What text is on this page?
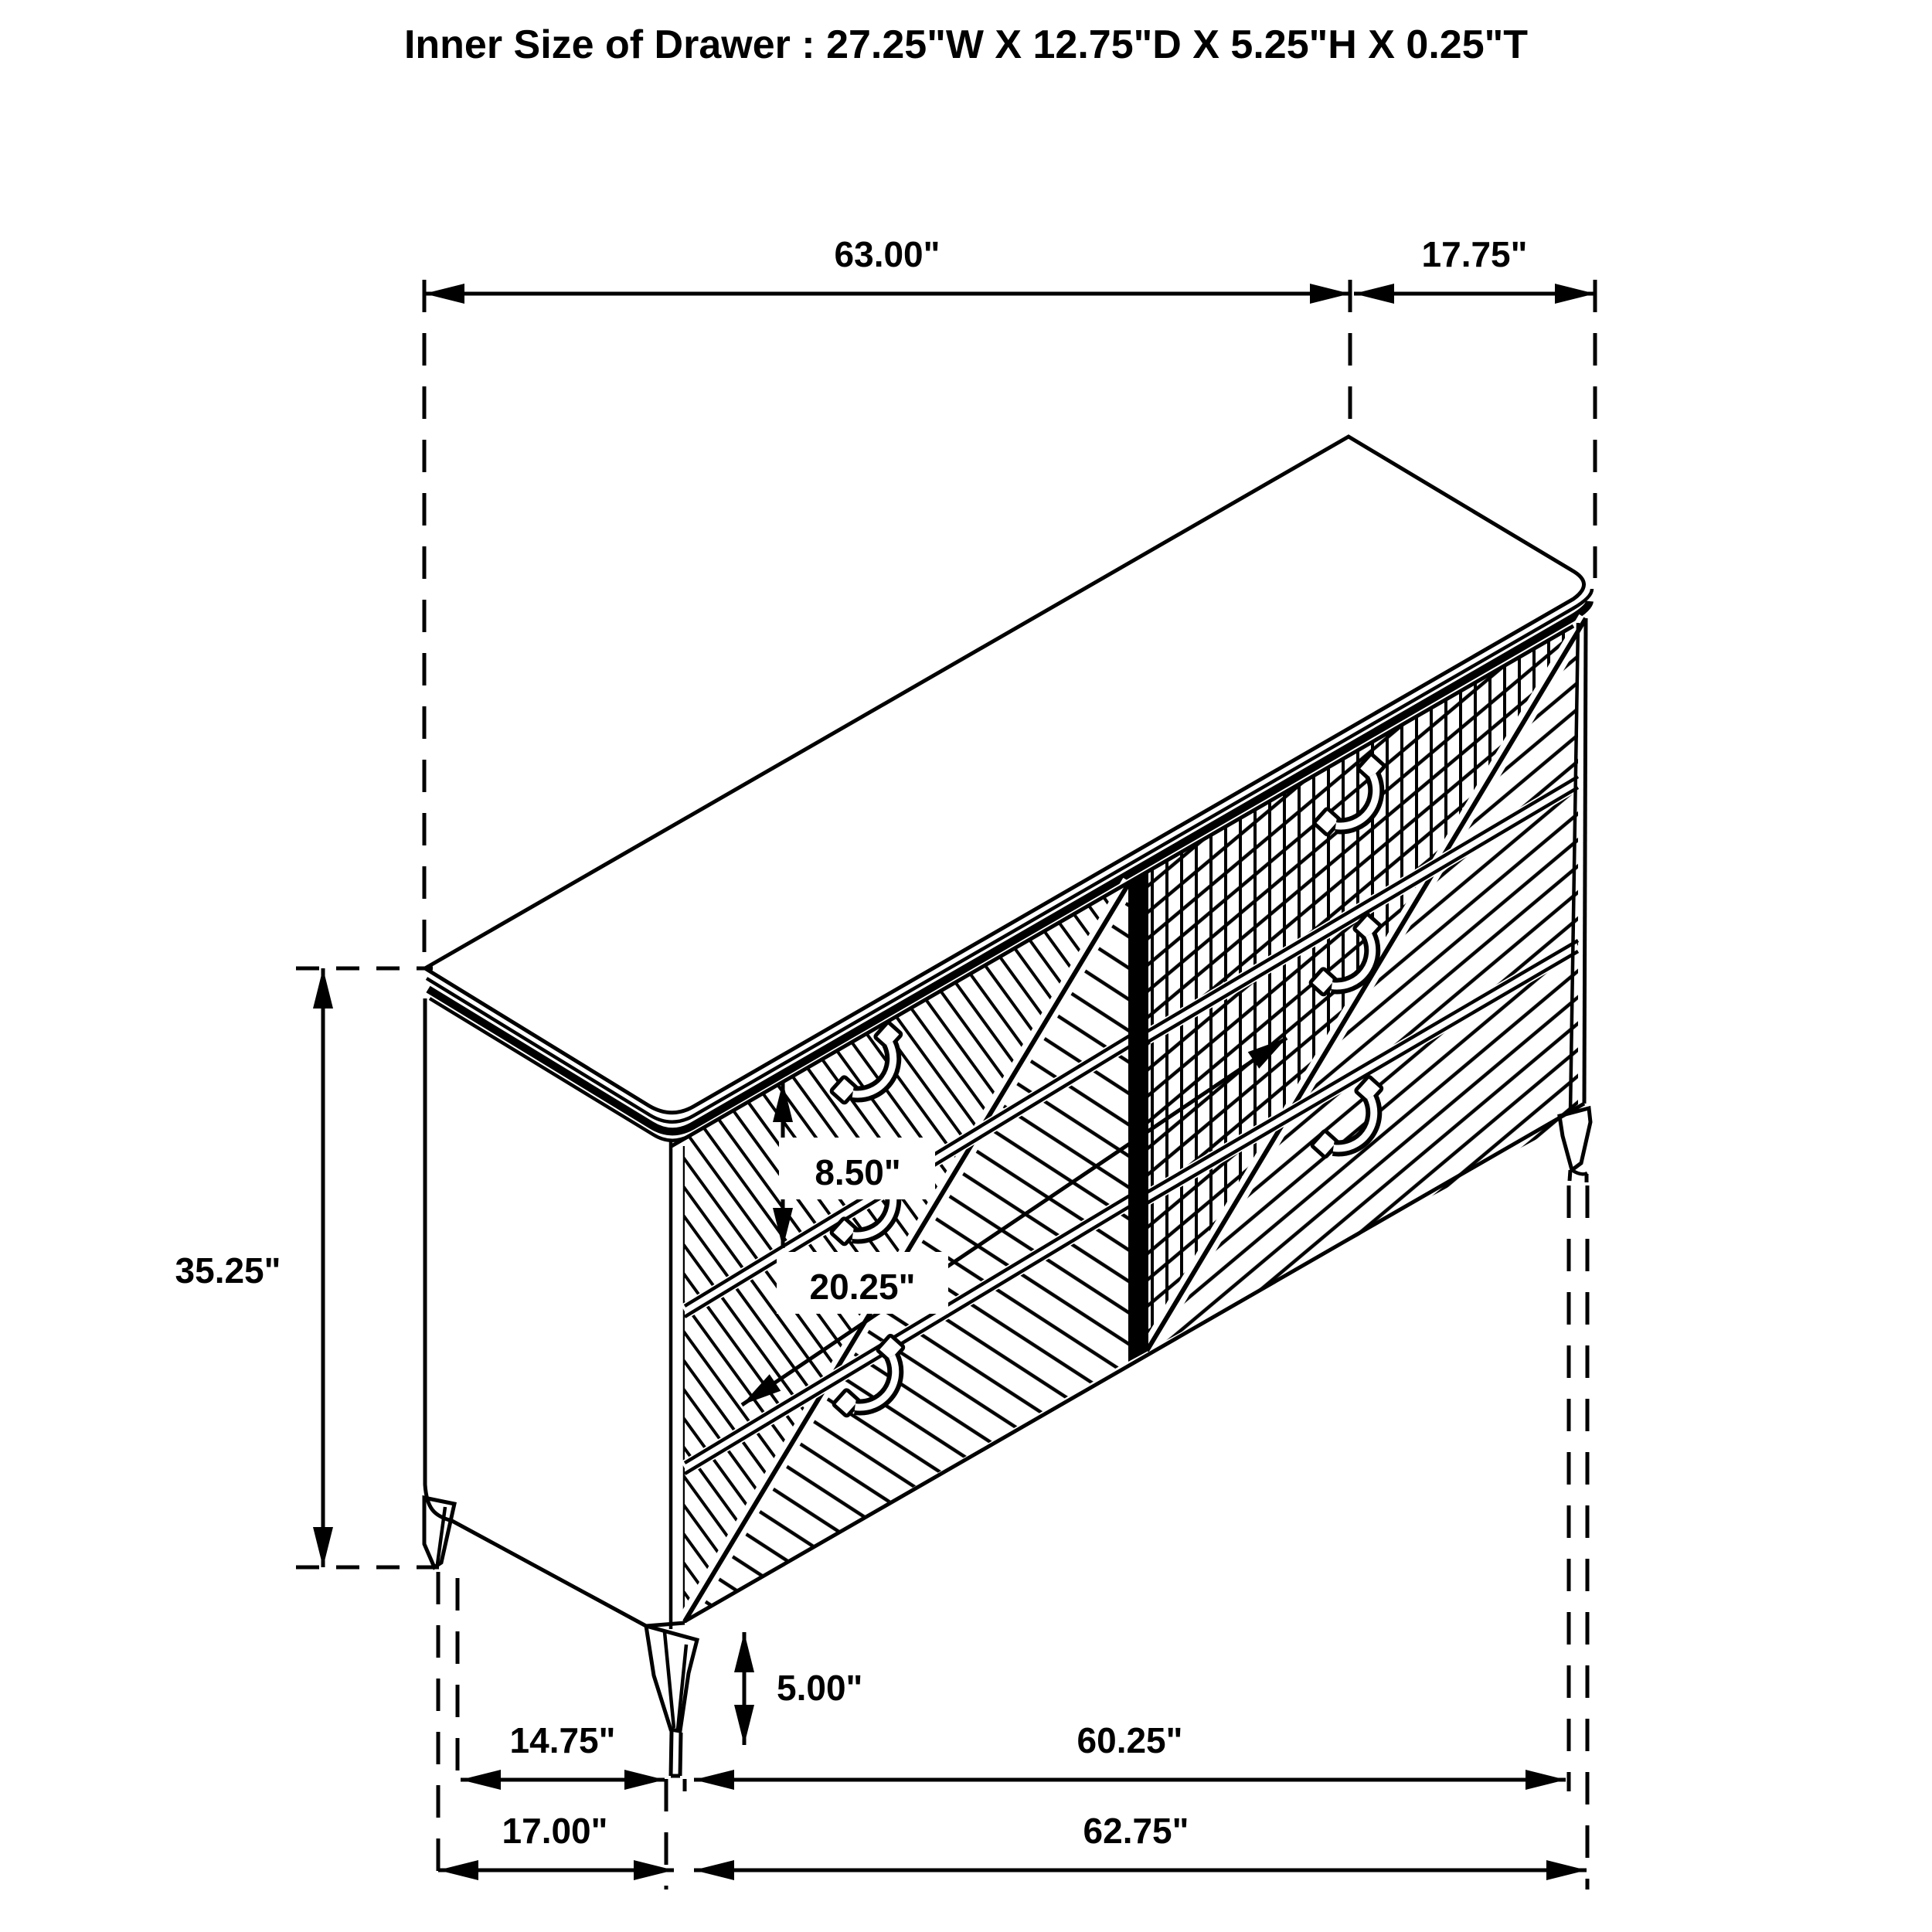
Inner Size of Drawer : 27.25"W X 12.75"D X 5.25"H X 0.25"T
63.00"	17.75"
35.25"
8.50"
20.25"
5.00"
14.75"	60.25"
17.00"	62.75"
